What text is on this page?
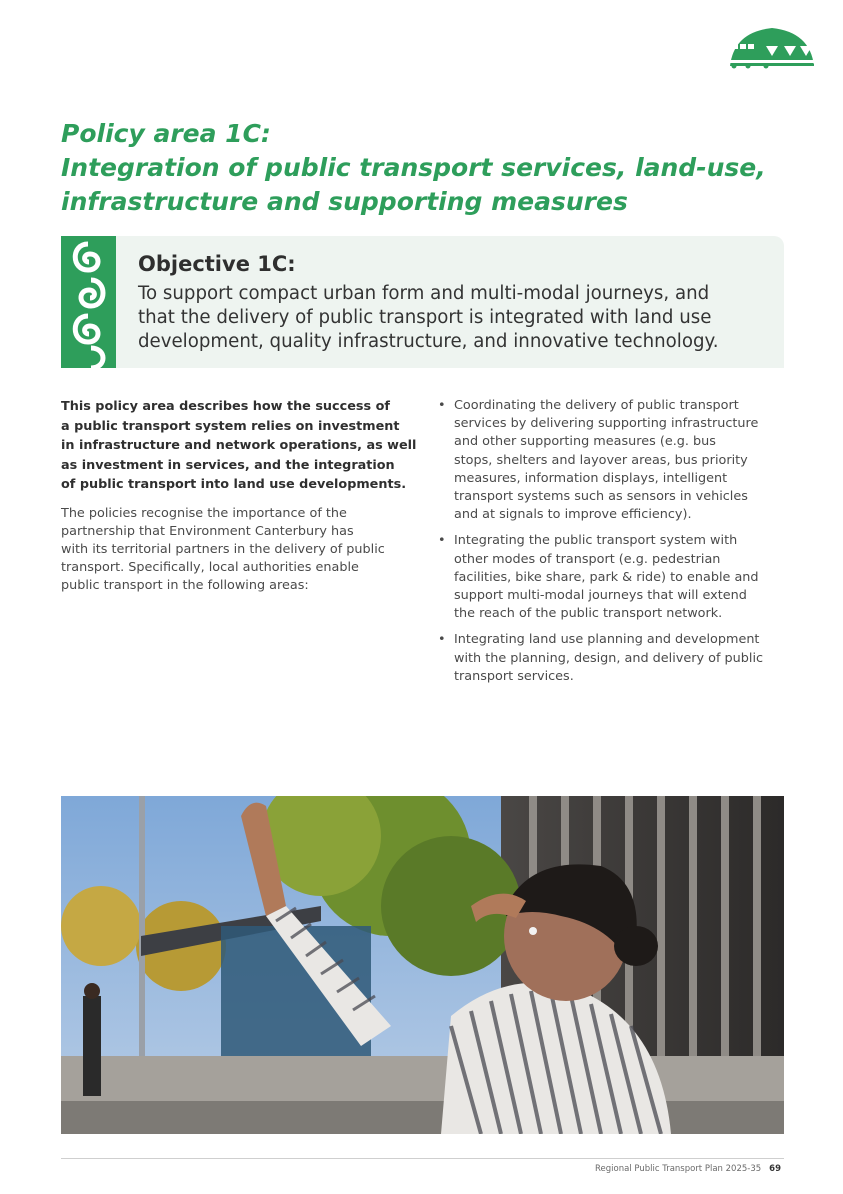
Policy area 1C:
Integration of public transport services, land-use,
infrastructure and supporting measures
Objective 1C:

To support compact urban form and multi-modal journeys, and
that the delivery of public transport is integrated with land use
development, quality infrastructure, and innovative technology.

This policy area describes how the success of
a public transport system relies on investment
in infrastructure and network operations, as well
as investment in services, and the integration
of public transport into land use developments.

The policies recognise the importance of the
partnership that Environment Canterbury has
with its territorial partners in the delivery of public
transport. Specifically, local authorities enable
public transport in the following areas:

• Coordinating the delivery of public transport
services by delivering supporting infrastructure
and other supporting measures (e.g. bus
stops, shelters and layover areas, bus priority
measures, information displays, intelligent
transport systems such as sensors in vehicles
and at signals to improve efficiency).
• Integrating the public transport system with
other modes of transport (e.g. pedestrian
facilities, bike share, park & ride) to enable and
support multi-modal journeys that will extend
the reach of the public transport network.
• Integrating land use planning and development
with the planning, design, and delivery of public
transport services.
Regional Public Transport Plan 2025-35 69
